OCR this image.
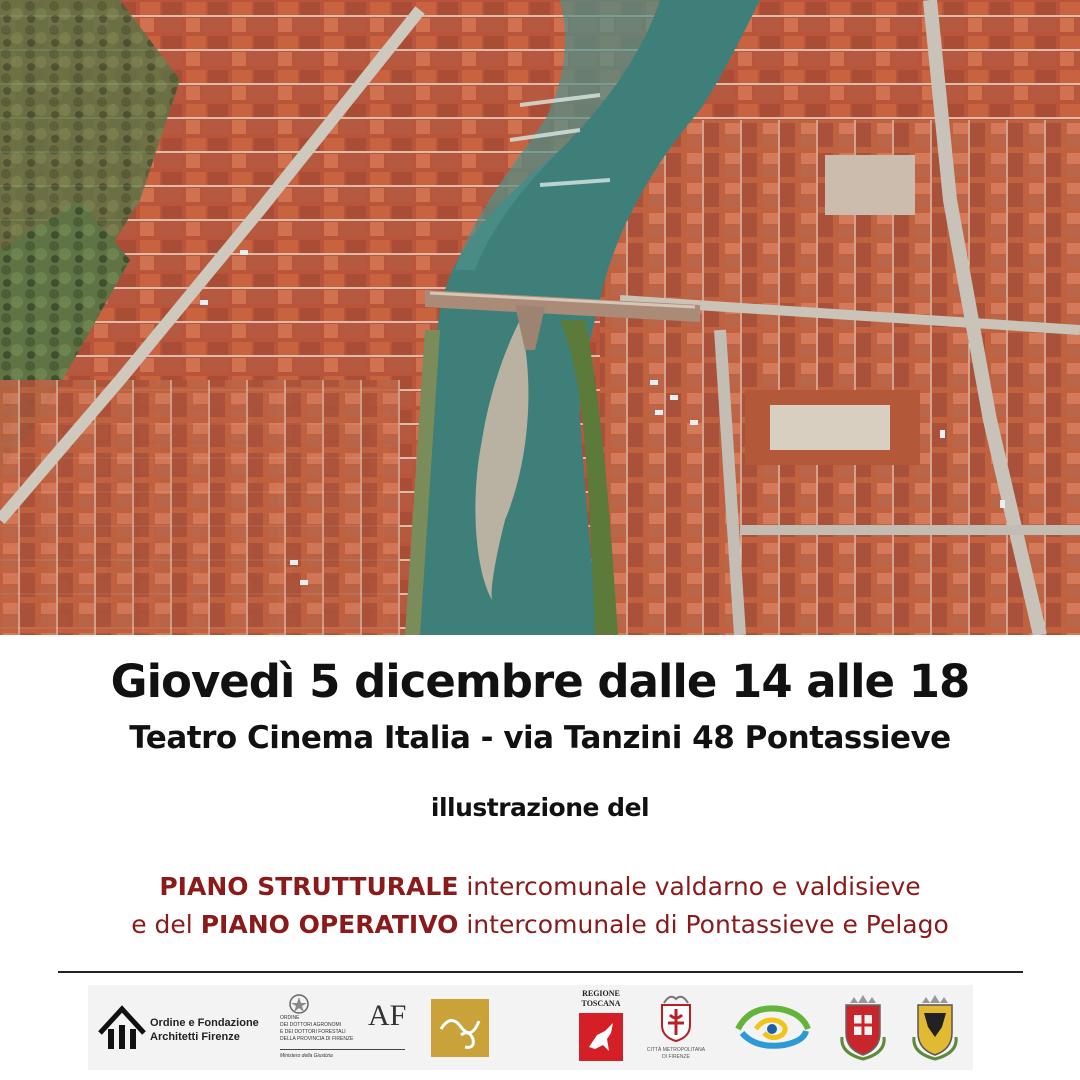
Giovedì 5 dicembre dalle 14 alle 18
Teatro Cinema Italia - via Tanzini 48 Pontassieve
illustrazione del
PIANO STRUTTURALE intercomunale valdarno e valdisieve
e del PIANO OPERATIVO intercomunale di Pontassieve e Pelago
Ordine e Fondazione
Architetti Firenze
ORDINE
DEI DOTTORI AGRONOMI
E DEI DOTTORI FORESTALI
DELLA PROVINCIA DI FIRENZE
Ministero della Giustizia
AF
REGIONE
TOSCANA
CITTÀ METROPOLITANA
DI FIRENZE
